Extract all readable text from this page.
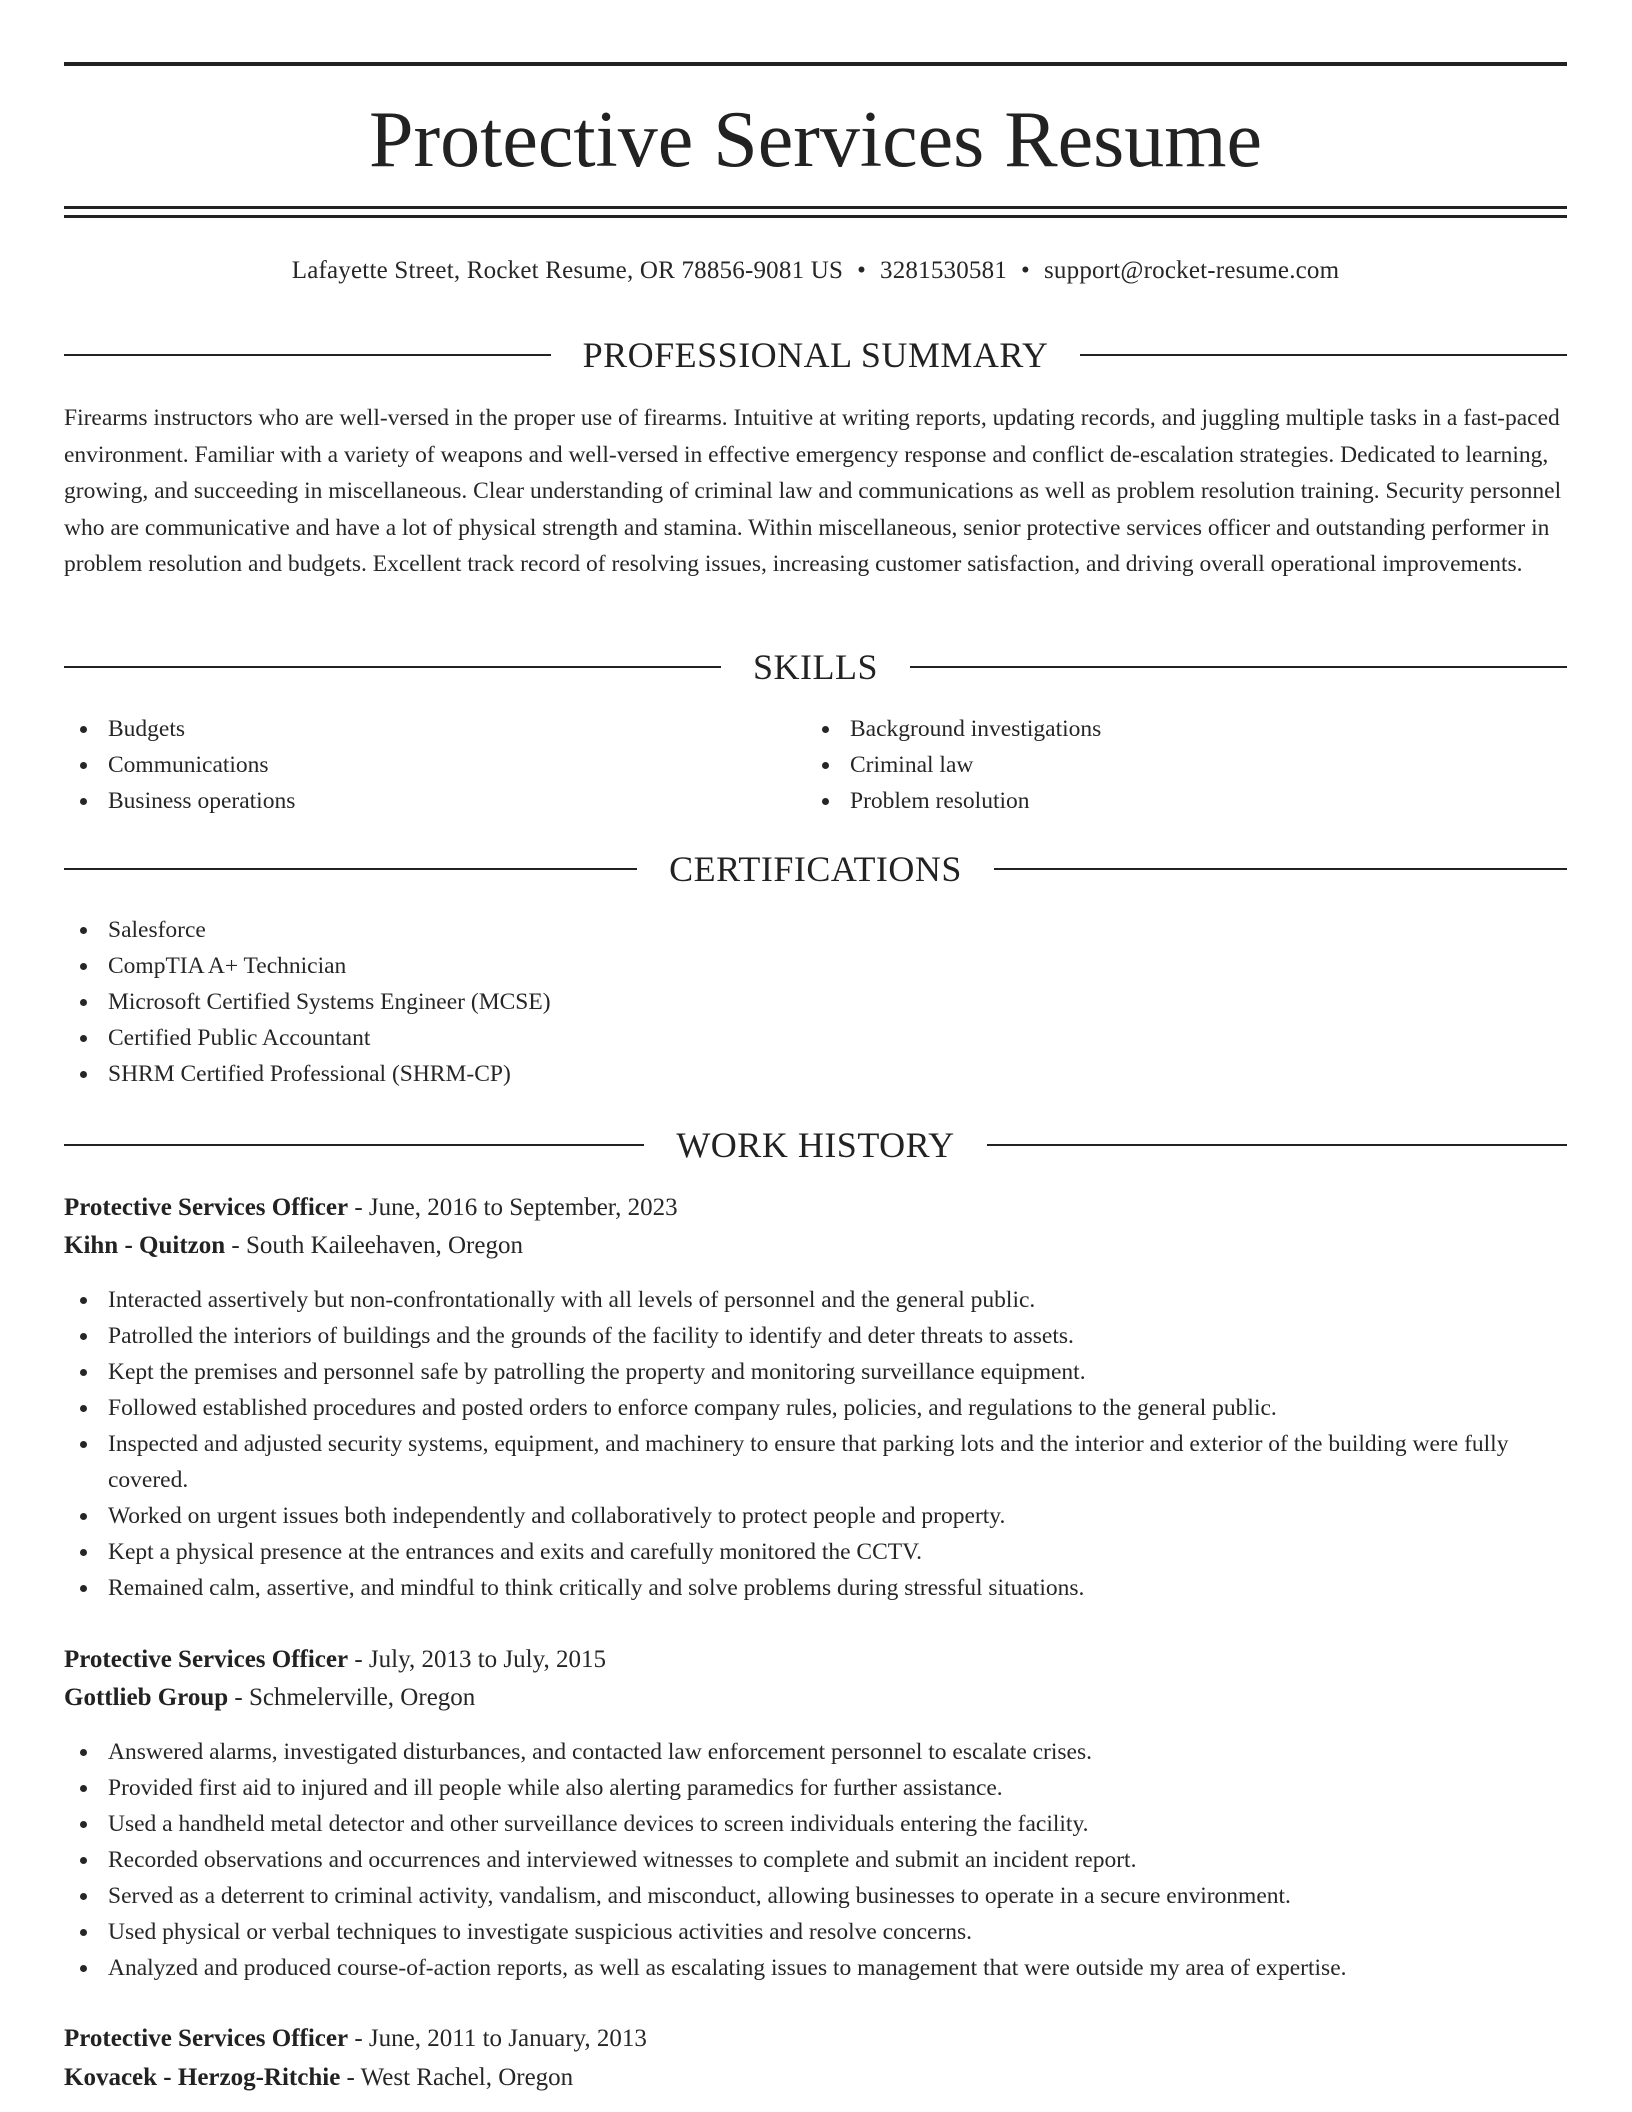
Protective Services Resume
Lafayette Street, Rocket Resume, OR 78856-9081 US • 3281530581 • support@rocket-resume.com
PROFESSIONAL SUMMARY
Firearms instructors who are well-versed in the proper use of firearms. Intuitive at writing reports, updating records, and juggling multiple tasks in a fast-paced environment. Familiar with a variety of weapons and well-versed in effective emergency response and conflict de-escalation strategies. Dedicated to learning, growing, and succeeding in miscellaneous. Clear understanding of criminal law and communications as well as problem resolution training. Security personnel who are communicative and have a lot of physical strength and stamina. Within miscellaneous, senior protective services officer and outstanding performer in problem resolution and budgets. Excellent track record of resolving issues, increasing customer satisfaction, and driving overall operational improvements.
SKILLS
Budgets
Communications
Business operations
Background investigations
Criminal law
Problem resolution
CERTIFICATIONS
Salesforce
CompTIA A+ Technician
Microsoft Certified Systems Engineer (MCSE)
Certified Public Accountant
SHRM Certified Professional (SHRM-CP)
WORK HISTORY
Protective Services Officer - June, 2016 to September, 2023
Kihn - Quitzon - South Kaileehaven, Oregon
Interacted assertively but non-confrontationally with all levels of personnel and the general public.
Patrolled the interiors of buildings and the grounds of the facility to identify and deter threats to assets.
Kept the premises and personnel safe by patrolling the property and monitoring surveillance equipment.
Followed established procedures and posted orders to enforce company rules, policies, and regulations to the general public.
Inspected and adjusted security systems, equipment, and machinery to ensure that parking lots and the interior and exterior of the building were fully covered.
Worked on urgent issues both independently and collaboratively to protect people and property.
Kept a physical presence at the entrances and exits and carefully monitored the CCTV.
Remained calm, assertive, and mindful to think critically and solve problems during stressful situations.
Protective Services Officer - July, 2013 to July, 2015
Gottlieb Group - Schmelerville, Oregon
Answered alarms, investigated disturbances, and contacted law enforcement personnel to escalate crises.
Provided first aid to injured and ill people while also alerting paramedics for further assistance.
Used a handheld metal detector and other surveillance devices to screen individuals entering the facility.
Recorded observations and occurrences and interviewed witnesses to complete and submit an incident report.
Served as a deterrent to criminal activity, vandalism, and misconduct, allowing businesses to operate in a secure environment.
Used physical or verbal techniques to investigate suspicious activities and resolve concerns.
Analyzed and produced course-of-action reports, as well as escalating issues to management that were outside my area of expertise.
Protective Services Officer - June, 2011 to January, 2013
Kovacek - Herzog-Ritchie - West Rachel, Oregon
